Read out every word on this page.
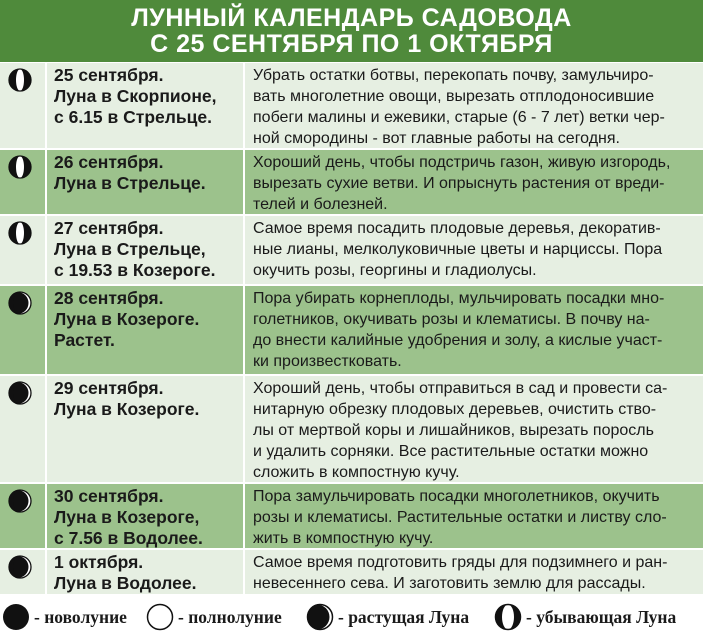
ЛУННЫЙ КАЛЕНДАРЬ САДОВОДА
С 25 СЕНТЯБРЯ ПО 1 ОКТЯБРЯ
25 сентября.
Луна в Скорпионе,
с 6.15 в Стрельце.
Убрать остатки ботвы, перекопать почву, замульчиро-
вать многолетние овощи, вырезать отплодоносившие
побеги малины и ежевики, старые (6 - 7 лет) ветки чер-
ной смородины - вот главные работы на сегодня.
26 сентября.
Луна в Стрельце.
Хороший день, чтобы подстричь газон, живую изгородь,
вырезать сухие ветви. И опрыснуть растения от вреди-
телей и болезней.
27 сентября.
Луна в Стрельце,
с 19.53 в Козероге.
Самое время посадить плодовые деревья, декоратив-
ные лианы, мелколуковичные цветы и нарциссы. Пора
окучить розы, георгины и гладиолусы.
28 сентября.
Луна в Козероге.
Растет.
Пора убирать корнеплоды, мульчировать посадки мно-
голетников, окучивать розы и клематисы. В почву на-
до внести калийные удобрения и золу, а кислые участ-
ки произвестковать.
29 сентября.
Луна в Козероге.
Хороший день, чтобы отправиться в сад и провести са-
нитарную обрезку плодовых деревьев, очистить ство-
лы от мертвой коры и лишайников, вырезать поросль
и удалить сорняки. Все растительные остатки можно
сложить в компостную кучу.
30 сентября.
Луна в Козероге,
с 7.56 в Водолее.
Пора замульчировать посадки многолетников, окучить
розы и клематисы. Растительные остатки и листву сло-
жить в компостную кучу.
1 октября.
Луна в Водолее.
Самое время подготовить гряды для подзимнего и ран-
невесеннего сева. И заготовить землю для рассады.
- новолуние	- полнолуние	- растущая Луна	- убывающая Луна
